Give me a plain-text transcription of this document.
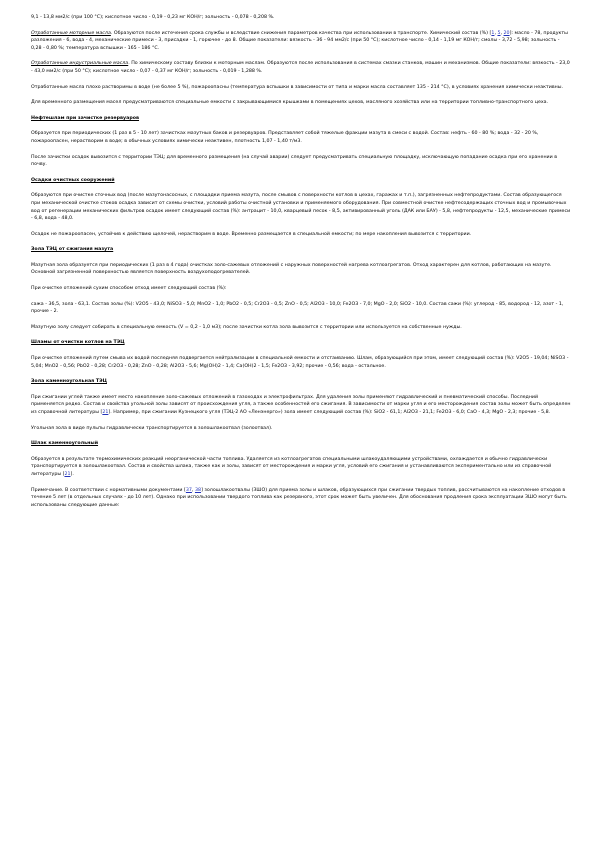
9,1 - 13,8 мм2/с (при 100 °С); кислотное число - 0,19 - 0,23 мг КОН/г; зольность - 0,078 - 0,208 %.

Отработанные моторные масла. Образуются после истечения срока службы и вследствие снижения параметров качества при использовании в транспорте. Химический состав (%) [1, 5, 20]: масло - 78, продукты разложения - 6, вода - 4, механические примеси - 3, присадки - 1, горючее - до 8. Общие показатели: вязкость - 36 - 94 мм2/с (при 50 °С); кислотное число - 0,14 - 1,19 мг КОН/г; смолы - 3,72 - 5,98; зольность - 0,28 - 0,80 %; температура вспышки - 165 - 186 °С.

Отработанные индустриальные масла. По химическому составу близки к моторным маслам. Образуются после использования в системах смазки станков, машин и механизмов. Общие показатели: вязкость - 23,0 - 43,0 мм2/с (при 50 °С); кислотное число - 0,07 - 0,37 мг КОН/г; зольность - 0,019 - 1,288 %.

Отработанные масла плохо растворимы в воде (не более 5 %), пожароопасны (температура вспышки в зависимости от типа и марки масла составляет 135 - 214 °С), в условиях хранения химически неактивны.

Для временного размещения масел предусматриваются специальные емкости с закрывающимися крышками в помещениях цехов, масляного хозяйства или на территории топливно-транспортного цеха.

Нефтешлам при зачистке резервуаров

Образуется при периодических (1 раз в 5 - 10 лет) зачистках мазутных баков и резервуаров. Представляет собой тяжелые фракции мазута в смеси с водой. Состав: нефть - 60 - 80 %; вода - 32 - 20 %, пожароопасен, нерастворим в воде; в обычных условиях химически неактивен, плотность 1,07 - 1,40 т/м3.

После зачистки осадок вывозится с территории ТЭЦ; для временного размещения (на случай аварии) следует предусматривать специальную площадку, исключающую попадание осадка при его хранении в почву.

Осадки очистных сооружений

Образуются при очистке сточных вод (после мазутонасосных, с площадки приема мазута, после смывов с поверхности котлов в цехах, гаражах и т.п.), загрязненных нефтепродуктами. Состав образующегося при механической очистке стоков осадка зависит от схемы очистки, условий работы очистной установки и применяемого оборудования. При совместной очистке нефтесодержащих сточных вод и промывочных вод от регенерации механических фильтров осадок имеет следующий состав (%): антрацит - 10,0, кварцевый песок - 8,5, активированный уголь (ДАК или БАУ) - 5,8, нефтепродукты - 12,5, механические примеси - 6,8, вода - 48,0.

Осадок не пожароопасен, устойчив к действию щелочей, нерастворим в воде. Временно размещается в специальной емкости; по мере накопления вывозится с территории.

Зола ТЭЦ от сжигания мазута

Мазутная зола образуется при периодических (1 раз в 4 года) очистках золо-сажевых отложений с наружных поверхностей нагрева котлоагрегатов. Отход характерен для котлов, работающих на мазуте. Основной загрязненной поверхностью является поверхность воздухоподогревателей.

При очистке отложений сухим способом отход имеет следующий состав (%):

сажа - 36,5, зола - 63,1. Состав золы (%): V2O5 - 43,0; NiSO3 - 5,0; MnO2 - 1,0; PbO2 - 0,5; Cr2O3 - 0,5; ZnO - 0,5; Al2O3 - 10,0; Fe2O3 - 7,0; MgO - 2,0; SiO2 - 10,0. Состав сажи (%): углерод - 85, водород - 12, азот - 1, прочие - 2.

Мазутную золу следует собирать в специальную емкость (V = 0,2 - 1,0 м3); после зачистки котла зола вывозится с территории или используется на собственные нужды.

Шламы от очистки котлов на ТЭЦ

При очистке отложений путем смыва их водой последняя подвергается нейтрализации в специальной емкости и отстаиванию. Шлам, образующийся при этом, имеет следующий состав (%): V2O5 - 19,04; NiSO3 - 5,04; MnO2 - 0,56; PbO2 - 0,28; Cr2O3 - 0,28; ZnO - 0,28; Al2O3 - 5,6; Mg(OH)2 - 1,4; Ca(OH)2 - 1,5; Fe2O3 - 3,92; прочие - 0,56; вода - остальное.

Зола каменноугольная ТЭЦ

При сжигании углей также имеет место накопление золо-сажевых отложений в газоходах и электрофильтрах. Для удаления золы применяют гидравлический и пневматический способы. Последний применяется редко. Состав и свойства угольной золы зависят от происхождения угля, а также особенностей его сжигания. В зависимости от марки угля и его месторождения состав золы может быть определен из справочной литературы [21]. Например, при сжигании Кузнецкого угля (ТЭЦ-2 АО «Ленэнерго») зола имеет следующий состав (%): SiO2 - 61,1; Al2O3 - 21,1; Fe2O3 - 6,0; CaO - 4,3; MgO - 2,3; прочие - 5,8.

Угольная зола в виде пульпы гидравлически транспортируется в золошлакоотвал (золоотвал).

Шлак каменноугольный

Образуется в результате термохимических реакций неорганической части топлива. Удаляется из котлоагрегатов специальными шлакоудаляющими устройствами, охлаждается и обычно гидравлически транспортируется в золошлакоотвал. Состав и свойства шлака, также как и золы, зависят от месторождения и марки угля, условий его сжигания и устанавливаются экспериментально или из справочной литературы [21].

Примечание. В соответствии с нормативными документами [37, 38] золошлакоотвалы (ЗШО) для приема золы и шлаков, образующихся при сжигании твердых топлив, рассчитываются на накопление отходов в течение 5 лет (в отдельных случаях - до 10 лет). Однако при использовании твердого топлива как резервного, этот срок может быть увеличен. Для обоснования продления срока эксплуатации ЗШО могут быть использованы следующие данные:
